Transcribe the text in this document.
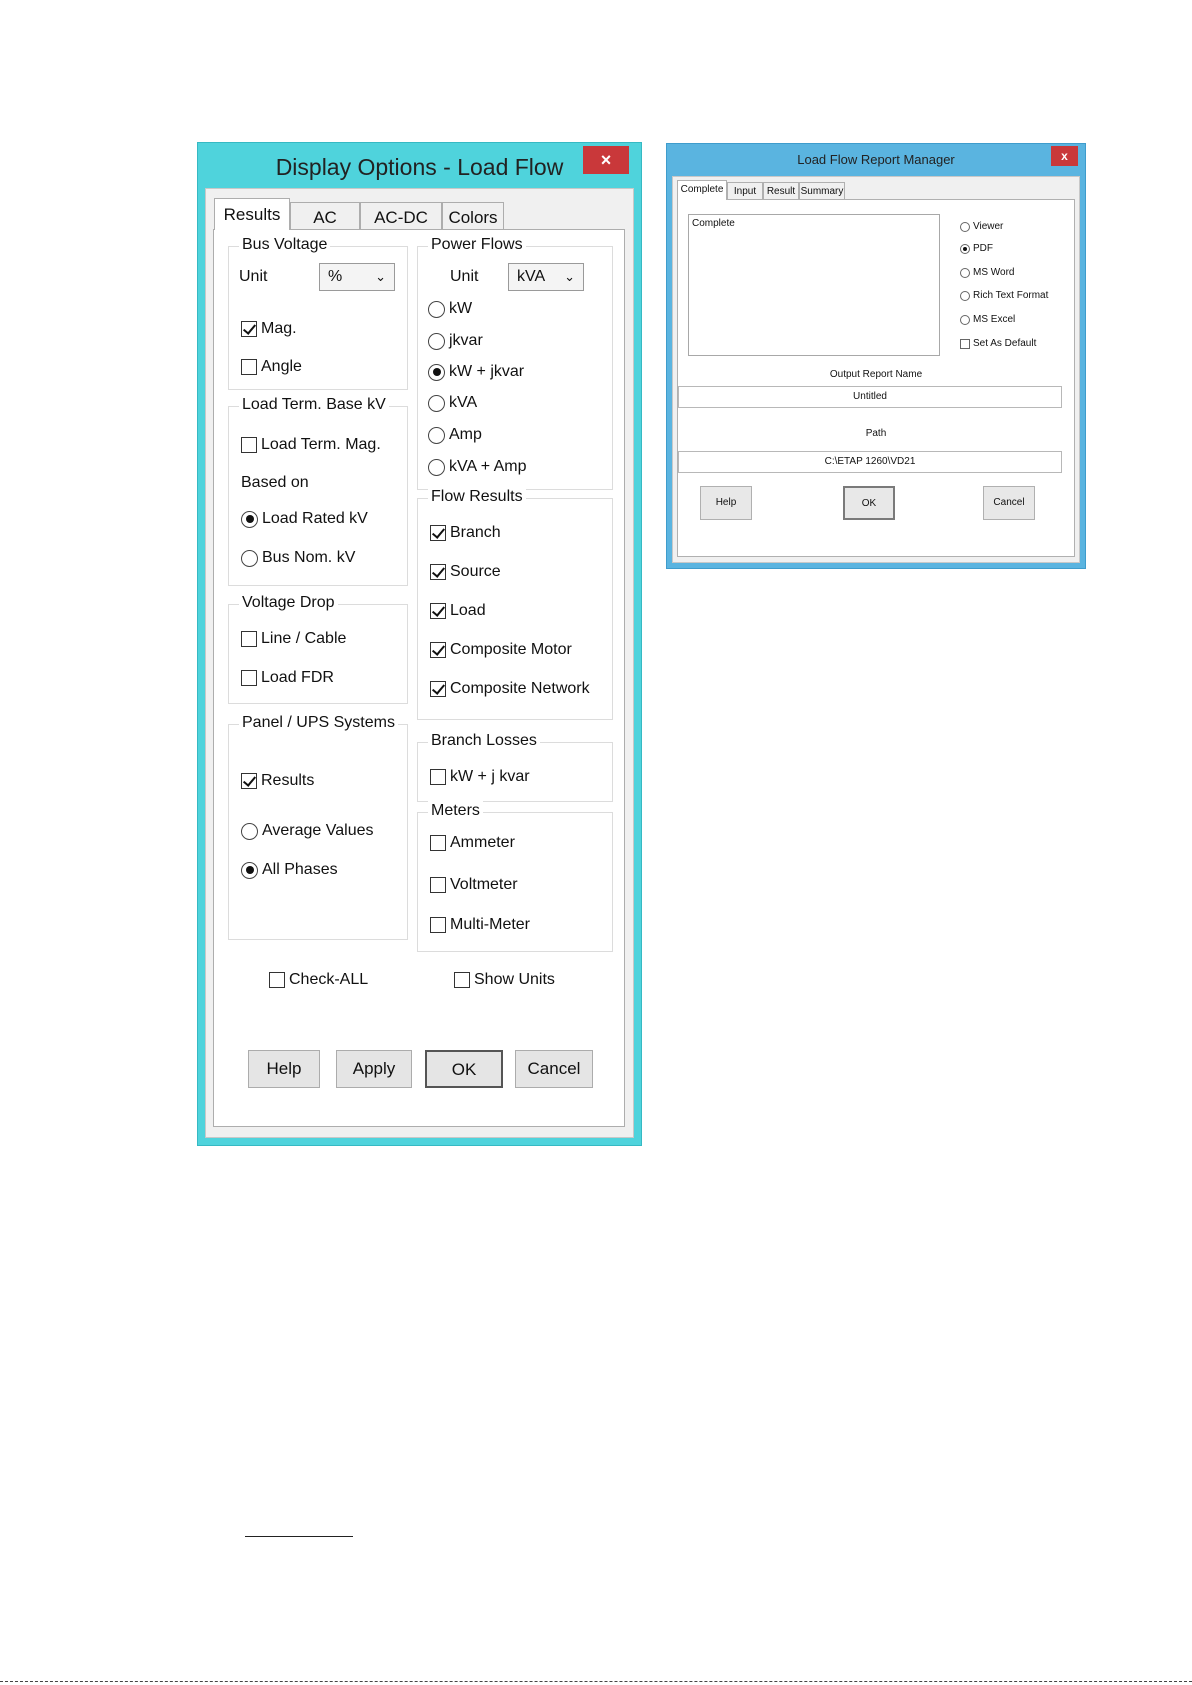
Display Options - Load Flow	×
Results	AC	AC-DC	Colors
Bus Voltage
Unit	%	⌄
Mag.
Angle
Load Term. Base kV
Load Term. Mag.
Based on
Load Rated kV
Bus Nom. kV
Voltage Drop
Line / Cable
Load FDR
Panel / UPS Systems
Results
Average Values
All Phases
Power Flows
Unit	kVA ⌄
kW
jkvar
kW + jkvar
kVA
Amp
kVA + Amp
Flow Results
Branch
Source
Load
Composite Motor
Composite Network
Branch Losses
kW + j kvar
Meters
Ammeter
Voltmeter
Multi-Meter
Check-ALL	Show Units
Help	Apply	OK	Cancel
Load Flow Report Manager	x
Complete	Input	Result Summary
Complete	Viewer
PDF
MS Word
Rich Text Format
MS Excel
Set As Default
Output Report Name
Untitled
Path
C:\ETAP 1260\VD21
Help	OK	Cancel
